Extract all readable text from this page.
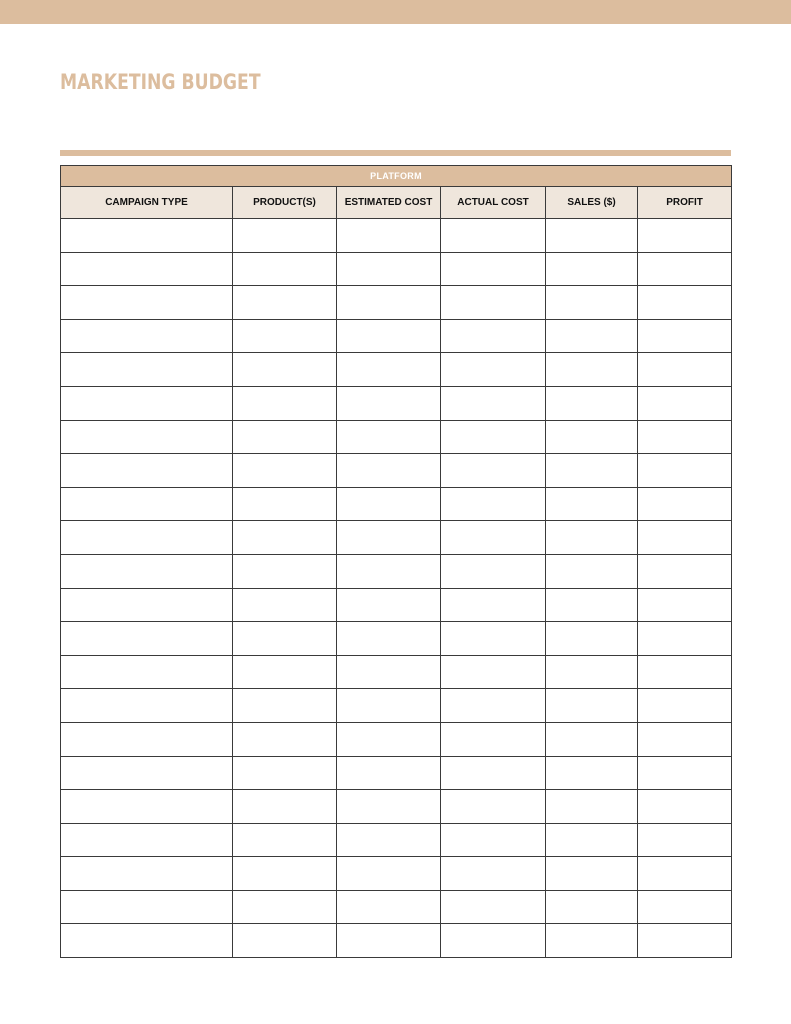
MARKETING BUDGET
PLATFORM					
CAMPAIGN TYPE	PRODUCT(S)	ESTIMATED COST	ACTUAL COST	SALES ($)	PROFIT
